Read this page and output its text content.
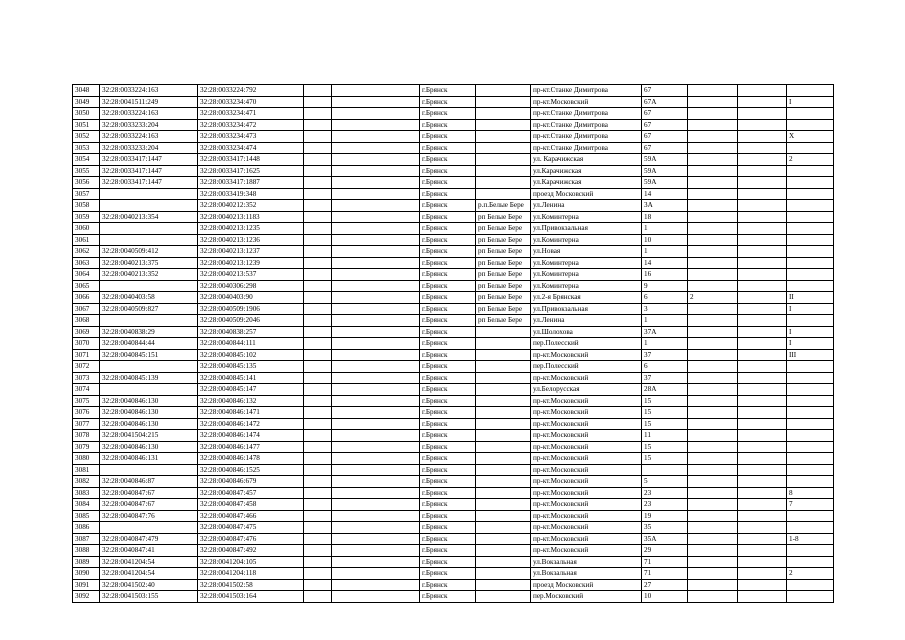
3048	32:28:0033224:163	32:28:0033224:792			г.Брянск		пр-кт.Станке Димитрова	67			
3049	32:28:0041511:249	32:28:0033234:470			г.Брянск		пр-кт.Московский	67А			I
3050	32:28:0033224:163	32:28:0033234:471			г.Брянск		пр-кт.Станке Димитрова	67			
3051	32:28:0033233:204	32:28:0033234:472			г.Брянск		пр-кт.Станке Димитрова	67			
3052	32:28:0033224:163	32:28:0033234:473			г.Брянск		пр-кт.Станке Димитрова	67			X
3053	32:28:0033233:204	32:28:0033234:474			г.Брянск		пр-кт.Станке Димитрова	67			
3054	32:28:0033417:1447	32:28:0033417:1448			г.Брянск		ул. Карачижская	59А			2
3055	32:28:0033417:1447	32:28:0033417:1625			г.Брянск		ул.Карачижская	59А			
3056	32:28:0033417:1447	32:28:0033417:1887			г.Брянск		ул.Карачижская	59А			
3057		32:28:0033419:348			г.Брянск		проезд Московский	14			
3058		32:28:0040212:352			г.Брянск	р.п.Белые Бере	ул.Ленина	3А			
3059	32:28:0040213:354	32:28:0040213:1183			г.Брянск	рп Белые Бере	ул.Коминтерна	18			
3060		32:28:0040213:1235			г.Брянск	рп Белые Бере	ул.Привокзальная	1			
3061		32:28:0040213:1236			г.Брянск	рп Белые Бере	ул.Коминтерна	10			
3062	32:28:0040509:412	32:28:0040213:1237			г.Брянск	рп Белые Бере	ул.Новая	1			
3063	32:28:0040213:375	32:28:0040213:1239			г.Брянск	рп Белые Бере	ул.Коминтерна	14			
3064	32:28:0040213:352	32:28:0040213:537			г.Брянск	рп Белые Бере	ул.Коминтерна	16			
3065		32:28:0040306:298			г.Брянск	рп Белые Бере	ул.Коминтерна	9			
3066	32:28:0040403:58	32:28:0040403:90			г.Брянск	рп Белые Бере	ул.2-я Брянская	6	2		II
3067	32:28:0040509:827	32:28:0040509:1906			г.Брянск	рп Белые Бере	ул.Привокзальная	3			I
3068		32:28:0040509:2046			г.Брянск	рп Белые Бере	ул.Ленина	1			
3069	32:28:0040838:29	32:28:0040838:257			г.Брянск		ул.Шолохова	37А			I
3070	32:28:0040844:44	32:28:0040844:111			г.Брянск		пер.Полесский	1			I
3071	32:28:0040845:151	32:28:0040845:102			г.Брянск		пр-кт.Московский	37			III
3072		32:28:0040845:135			г.Брянск		пер.Полесский	6			
3073	32:28:0040845:139	32:28:0040845:141			г.Брянск		пр-кт.Московский	37			
3074		32:28:0040845:147			г.Брянск		ул.Белорусская	28А			
3075	32:28:0040846:130	32:28:0040846:132			г.Брянск		пр-кт.Московский	15			
3076	32:28:0040846:130	32:28:0040846:1471			г.Брянск		пр-кт.Московский	15			
3077	32:28:0040846:130	32:28:0040846:1472			г.Брянск		пр-кт.Московский	15			
3078	32:28:0041504:215	32:28:0040846:1474			г.Брянск		пр-кт.Московский	11			
3079	32:28:0040846:130	32:28:0040846:1477			г.Брянск		пр-кт.Московский	15			
3080	32:28:0040846:131	32:28:0040846:1478			г.Брянск		пр-кт.Московский	15			
3081		32:28:0040846:1525			г.Брянск		пр-кт.Московский				
3082	32:28:0040846:87	32:28:0040846:679			г.Брянск		пр-кт.Московский	5			
3083	32:28:0040847:67	32:28:0040847:457			г.Брянск		пр-кт.Московский	23			8
3084	32:28:0040847:67	32:28:0040847:458			г.Брянск		пр-кт.Московский	23			7
3085	32:28:0040847:76	32:28:0040847:466			г.Брянск		пр-кт.Московский	19			
3086		32:28:0040847:475			г.Брянск		пр-кт.Московский	35			
3087	32:28:0040847:479	32:28:0040847:476			г.Брянск		пр-кт.Московский	35А			1-8
3088	32:28:0040847:41	32:28:0040847:492			г.Брянск		пр-кт.Московский	29			
3089	32:28:0041204:54	32:28:0041204:105			г.Брянск		ул.Вокзальная	71			
3090	32:28:0041204:54	32:28:0041204:118			г.Брянск		ул.Вокзальная	71			2
3091	32:28:0041502:40	32:28:0041502:58			г.Брянск		проезд Московский	27			
3092	32:28:0041503:155	32:28:0041503:164			г.Брянск		пер.Московский	10			
